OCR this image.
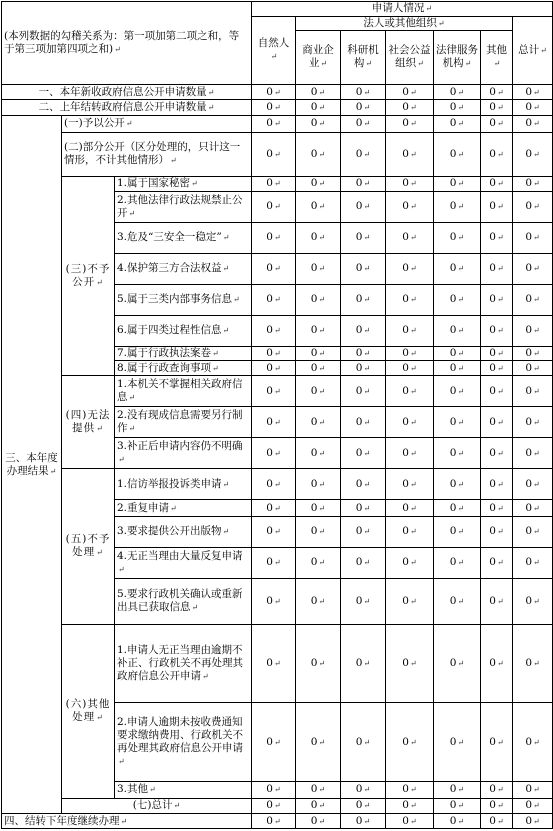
(本列数据的勾稽关系为：第一项加第二项之和，等于第三项加第四项之和)↵			申请人情况↵						
			自然人↵	法人或其他组织↵					总计↵
				商业企业↵	科研机构↵	社会公益组织↵	法律服务机构↵	其他↵	

一、本年新收政府信息公开申请数量↵			0↵	0↵	0↵	0↵	0↵	0↵	0↵
二、上年结转政府信息公开申请数量↵			0↵	0↵	0↵	0↵	0↵	0↵	0↵
三、本年度办理结果↵	(一)予以公开↵		0↵	0↵	0↵	0↵	0↵	0↵	0↵
	(二)部分公开（区分处理的，只计这一情形，不计其他情形）↵		0↵	0↵	0↵	0↵	0↵	0↵	0↵
	(三)不予公开↵	1.属于国家秘密↵	0↵	0↵	0↵	0↵	0↵	0↵	0↵
		2.其他法律行政法规禁止公开↵	0↵	0↵	0↵	0↵	0↵	0↵	0↵
		3.危及“三安全一稳定”↵	0↵	0↵	0↵	0↵	0↵	0↵	0↵
		4.保护第三方合法权益↵	0↵	0↵	0↵	0↵	0↵	0↵	0↵
		5.属于三类内部事务信息↵	0↵	0↵	0↵	0↵	0↵	0↵	0↵
		6.属于四类过程性信息↵	0↵	0↵	0↵	0↵	0↵	0↵	0↵
		7.属于行政执法案卷↵	0↵	0↵	0↵	0↵	0↵	0↵	0↵
		8.属于行政查询事项↵	0↵	0↵	0↵	0↵	0↵	0↵	0↵
	(四)无法提供↵	1.本机关不掌握相关政府信息↵	0↵	0↵	0↵	0↵	0↵	0↵	0↵
		2.没有现成信息需要另行制作↵	0↵	0↵	0↵	0↵	0↵	0↵	0↵
		3.补正后申请内容仍不明确↵	0↵	0↵	0↵	0↵	0↵	0↵	0↵
	(五)不予处理↵	1.信访举报投诉类申请↵	0↵	0↵	0↵	0↵	0↵	0↵	0↵
		2.重复申请↵	0↵	0↵	0↵	0↵	0↵	0↵	0↵
		3.要求提供公开出版物↵	0↵	0↵	0↵	0↵	0↵	0↵	0↵
		4.无正当理由大量反复申请↵	0↵	0↵	0↵	0↵	0↵	0↵	0↵
		5.要求行政机关确认或重新出具已获取信息↵	0↵	0↵	0↵	0↵	0↵	0↵	0↵
	(六)其他处理↵	1.申请人无正当理由逾期不补正、行政机关不再处理其政府信息公开申请↵	0↵	0↵	0↵	0↵	0↵	0↵	0↵
		2.申请人逾期未按收费通知要求缴纳费用、行政机关不再处理其政府信息公开申请↵	0↵	0↵	0↵	0↵	0↵	0↵	0↵
		3.其他↵	0↵	0↵	0↵	0↵	0↵	0↵	0↵
	(七)总计↵		0↵	0↵	0↵	0↵	0↵	0↵	0↵
四、结转下年度继续办理↵			0↵	0↵	0↵	0↵	0↵	0↵	0↵
